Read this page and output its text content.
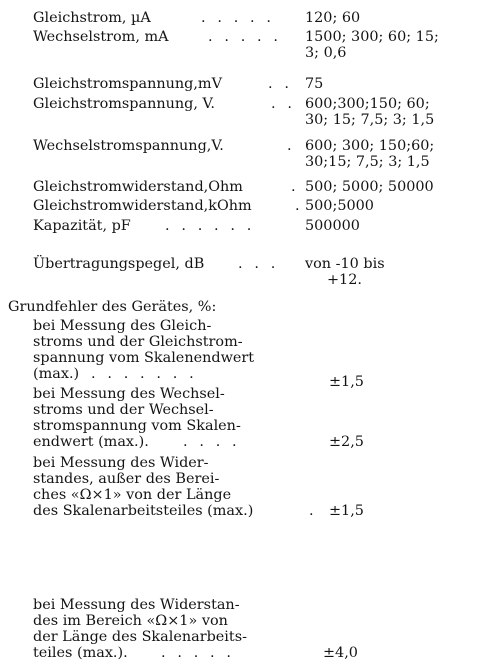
Gleichstrom, µA	. . . . . 120; 60
Wechselstrom, mA	. . . . . 1500; 300; 60; 15;
3; 0,6
Gleichstromspannung,mV	. . 75
Gleichstromspannung, V.	. . 600;300;150; 60;
30; 15; 7,5; 3; 1,5
Wechselstromspannung,V.	. 600; 300; 150;60;
30;15; 7,5; 3; 1,5
Gleichstromwiderstand,Ohm	. 500; 5000; 50000
Gleichstromwiderstand,kOhm	. 500;5000
Kapazität, pF . . . . . .	500000
Übertragungspegel, dB . . . von -10 bis
+12.
Grundfehler des Gerätes, %:
bei Messung des Gleich-
stroms und der Gleichstrom-
spannung vom Skalenendwert
(max.) . . . . . . .	±1,5
bei Messung des Wechsel-
stroms und der Wechsel-
stromspannung vom Skalen-
endwert (max.).	. . . .	±2,5
bei Messung des Wider-
standes, außer des Berei-
ches «Ω×1» von der Länge
des Skalenarbeitsteiles (max.)	. ±1,5
bei Messung des Widerstan-
des im Bereich «Ω×1» von
der Länge des Skalenarbeits-
teiles (max.).	. . . . .	±4,0
